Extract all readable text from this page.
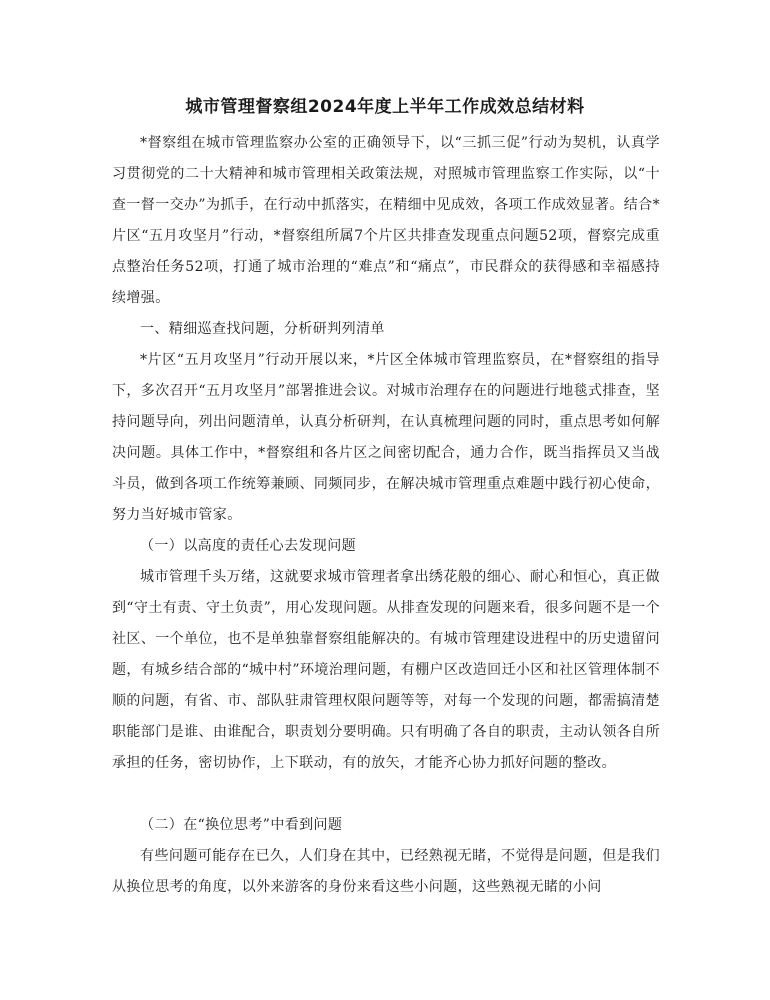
城市管理督察组2024年度上半年工作成效总结材料

*督察组在城市管理监察办公室的正确领导下，以“三抓三促”行动为契机，认真学习贯彻党的二十大精神和城市管理相关政策法规，对照城市管理监察工作实际，以“十查一督一交办”为抓手，在行动中抓落实，在精细中见成效，各项工作成效显著。结合*片区“五月攻坚月”行动，*督察组所属7个片区共排查发现重点问题52项，督察完成重点整治任务52项，打通了城市治理的“难点”和“痛点”，市民群众的获得感和幸福感持续增强。

一、精细巡查找问题，分析研判列清单

*片区“五月攻坚月”行动开展以来，*片区全体城市管理监察员，在*督察组的指导下，多次召开“五月攻坚月”部署推进会议。对城市治理存在的问题进行地毯式排查，坚持问题导向，列出问题清单，认真分析研判，在认真梳理问题的同时，重点思考如何解决问题。具体工作中，*督察组和各片区之间密切配合，通力合作，既当指挥员又当战斗员，做到各项工作统筹兼顾、同频同步，在解决城市管理重点难题中践行初心使命，努力当好城市管家。

（一）以高度的责任心去发现问题

城市管理千头万绪，这就要求城市管理者拿出绣花般的细心、耐心和恒心，真正做到“守土有责、守土负责”，用心发现问题。从排查发现的问题来看，很多问题不是一个社区、一个单位，也不是单独靠督察组能解决的。有城市管理建设进程中的历史遗留问题，有城乡结合部的“城中村”环境治理问题，有棚户区改造回迁小区和社区管理体制不顺的问题，有省、市、部队驻肃管理权限问题等等，对每一个发现的问题，都需搞清楚职能部门是谁、由谁配合，职责划分要明确。只有明确了各自的职责，主动认领各自所承担的任务，密切协作，上下联动，有的放矢，才能齐心协力抓好问题的整改。

（二）在“换位思考”中看到问题

有些问题可能存在已久，人们身在其中，已经熟视无睹，不觉得是问题，但是我们从换位思考的角度，以外来游客的身份来看这些小问题，这些熟视无睹的小问
